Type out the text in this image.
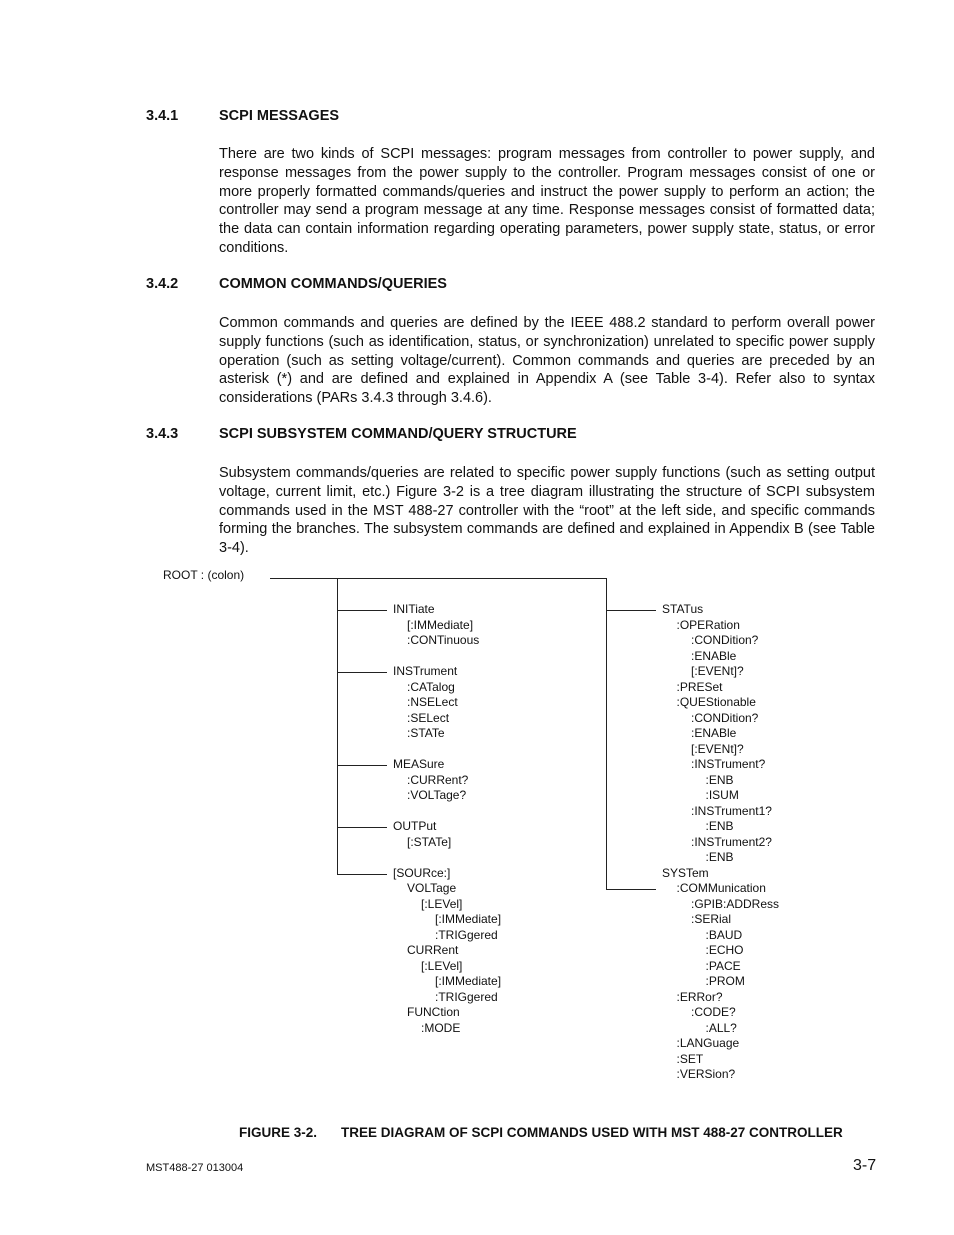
3.4.1	SCPI MESSAGES

There are two kinds of SCPI messages: program messages from controller to power supply, and response messages from the power supply to the controller. Program messages consist of one or more properly formatted commands/queries and instruct the power supply to perform an action; the controller may send a program message at any time. Response messages consist of formatted data; the data can contain information regarding operating parameters, power supply state, status, or error conditions.

3.4.2	COMMON COMMANDS/QUERIES

Common commands and queries are defined by the IEEE 488.2 standard to perform overall power supply functions (such as identification, status, or synchronization) unrelated to specific power supply operation (such as setting voltage/current). Common commands and queries are preceded by an asterisk (*) and are defined and explained in Appendix A (see Table 3-4). Refer also to syntax considerations (PARs 3.4.3 through 3.4.6).

3.4.3	SCPI SUBSYSTEM COMMAND/QUERY STRUCTURE

Subsystem commands/queries are related to specific power supply functions (such as setting output voltage, current limit, etc.) Figure 3-2 is a tree diagram illustrating the structure of SCPI subsystem commands used in the MST 488-27 controller with the “root” at the left side, and specific commands forming the branches. The subsystem commands are defined and explained in Appendix B (see Table 3-4).

ROOT : (colon)
INITiate
[:IMMediate]
:CONTinuous
INSTrument
:CATalog
:NSELect
:SELect
:STATe
MEASure
:CURRent?
:VOLTage?
OUTPut
[:STATe]
[SOURce:]
VOLTage
[:LEVel]
[:IMMediate]
:TRIGgered
CURRent
[:LEVel]
[:IMMediate]
:TRIGgered
FUNCtion
:MODE
STATus
:OPERation
:CONDition?
:ENABle
[:EVENt]?
:PRESet
:QUEStionable
:CONDition?
:ENABle
[:EVENt]?
:INSTrument?
:ENB
:ISUM
:INSTrument1?
:ENB
:INSTrument2?
:ENB
SYSTem
:COMMunication
:GPIB:ADDRess
:SERial
:BAUD
:ECHO
:PACE
:PROM
:ERRor?
:CODE?
:ALL?
:LANGuage
:SET
:VERSion?
FIGURE 3-2. TREE DIAGRAM OF SCPI COMMANDS USED WITH MST 488-27 CONTROLLER
MST488-27 013004	3-7
